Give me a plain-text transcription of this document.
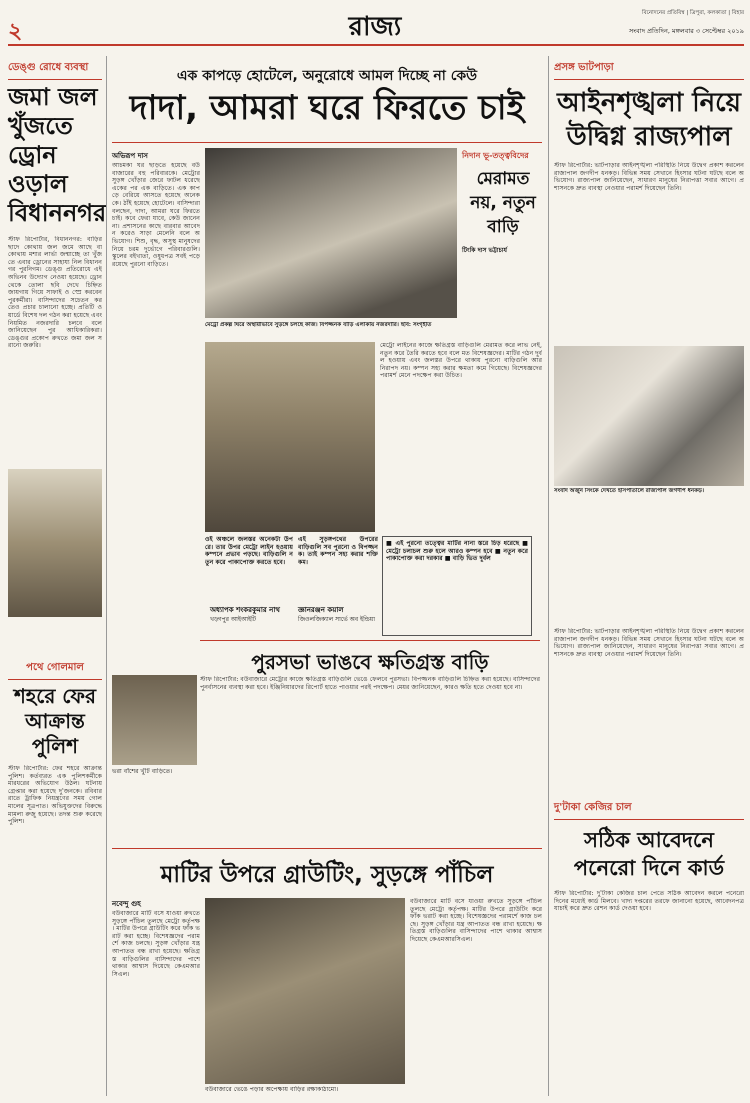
২	রাজ্য	বিনোদনের প্রতিবিম্ব | ত্রিপুরা, কলকাতা | বিহার
সংবাদ প্রতিদিন, মঙ্গলবার ৩ সেপ্টেম্বর ২০১৯
ডেঙ্গু রোধে ব্যবস্থা
জমা জল খুঁজতে ড্রোন ওড়াল বিধাননগর
স্টাফ রিপোর্টার, বিধাননগর: বাড়ির ছাদে কোথায় জল জমে আছে বা কোথায় মশার লার্ভা জন্মাচ্ছে তা খুঁজতে এবার ড্রোনের সাহায্য নিল বিধাননগর পুরনিগম। ডেঙ্গু প্রতিরোধে এই অভিনব উদ্যোগ নেওয়া হয়েছে। ড্রোন থেকে তোলা ছবি দেখে চিহ্নিত জায়গায় গিয়ে সাফাই ও স্প্রে করবেন পুরকর্মীরা। বাসিন্দাদের সচেতন করতেও প্রচার চালানো হচ্ছে। প্রতিটি ওয়ার্ডে বিশেষ দল গঠন করা হয়েছে এবং নিয়মিত নজরদারি চলবে বলে জানিয়েছেন পুর আধিকারিকরা। ডেঙ্গুর প্রকোপ রুখতে জমা জল সরানো জরুরি।
পথে গোলমাল
শহরে ফের আক্রান্ত পুলিশ
স্টাফ রিপোর্টার: ফের শহরে আক্রান্ত পুলিশ। কর্তব্যরত এক পুলিশকর্মীকে মারধরের অভিযোগ উঠল। ঘটনায় গ্রেপ্তার করা হয়েছে দু'জনকে। রবিবার রাতে ট্রাফিক নিয়ন্ত্রণের সময় গোলমালের সূত্রপাত। অভিযুক্তদের বিরুদ্ধে মামলা রুজু হয়েছে। তদন্ত শুরু করেছে পুলিশ।
এক কাপড়ে হোটেলে, অনুরোধে আমল দিচ্ছে না কেউ
দাদা, আমরা ঘরে ফিরতে চাই
অভিরূপ দাস
আচমকা ঘর ছাড়তে হয়েছে বউবাজারের বহু পরিবারকে। মেট্রোর সুড়ঙ্গ খোঁড়ার জেরে ফাটল ধরেছে একের পর এক বাড়িতে। এক কাপড়ে বেরিয়ে আসতে হয়েছে অনেককে। ঠাঁই হয়েছে হোটেলে। বাসিন্দারা বলছেন, দাদা, আমরা ঘরে ফিরতে চাই। কবে ফেরা যাবে, কেউ জানেন না। প্রশাসনের কাছে বারবার আবেদন করেও সাড়া মেলেনি বলে অভিযোগ। শিশু, বৃদ্ধ, অসুস্থ মানুষদের নিয়ে চরম দুর্ভোগে পরিবারগুলি। স্কুলের বইখাতা, ওষুধপত্র সবই পড়ে রয়েছে পুরনো বাড়িতে।
মেট্রো প্রকল্প ঘিরে অস্থায়ীভাবে সুড়ঙ্গে চলছে কাজ। বিপজ্জনক বাড়ি এলাকায় নজরদারি। ছবি: সংগৃহীত
নিদান ভূ-তত্ত্ববিদের
মেরামত নয়, নতুন বাড়ি
টিংকি দাস ভট্টাচার্য
মেট্রো লাইনের কাজে ক্ষতিগ্রস্ত বাড়িগুলি মেরামত করে লাভ নেই, নতুন করে তৈরি করতে হবে বলে মত বিশেষজ্ঞদের। মাটির গঠন দুর্বল হওয়ায় এবং জলস্তর উপরে থাকায় পুরনো বাড়িগুলি আর নিরাপদ নয়। কম্পন সহ্য করার ক্ষমতা কমে গিয়েছে। বিশেষজ্ঞদের পরামর্শ মেনে পদক্ষেপ করা উচিত।
ওই অঞ্চলে জলস্তর অনেকটা উপরে। তার উপর মেট্রো লাইন হওয়ায় কম্পনে প্রভাব পড়ছে। বাড়িগুলি নতুন করে পাকাপোক্ত করতে হবে।
এই সুড়ঙ্গপথের উপরের বাড়িগুলি সব পুরনো ও বিপজ্জনক। তাই কম্পন সহ্য করার শক্তি কম।
■ এই পুরনো তত্ত্বের মাটির নানা স্তরে চিড় ধরেছে ■ মেট্রো চলাচল শুরু হলে আরও কম্পন হবে ■ নতুন করে পাকাপোক্ত করা দরকার ■ বাড়ি ভিত দুর্বল
অধ্যাপক শংকরকুমার নাথ
খড়্গপুর আইআইটি
জ্ঞানরঞ্জন কয়াল
জিওলজিক্যাল সার্ভে অব ইন্ডিয়া
পুরসভা ভাঙবে ক্ষতিগ্রস্ত বাড়ি
ভরা বাঁশের খুঁটি বাড়িতে।
স্টাফ রিপোর্টার: বউবাজারে মেট্রোর কাজে ক্ষতিগ্রস্ত বাড়িগুলি ভেঙে ফেলবে পুরসভা। বিপজ্জনক বাড়িগুলি চিহ্নিত করা হয়েছে। বাসিন্দাদের পুনর্বাসনের ব্যবস্থা করা হবে। ইঞ্জিনিয়ারদের রিপোর্ট হাতে পাওয়ার পরই পদক্ষেপ। মেয়র জানিয়েছেন, কারও ক্ষতি হতে দেওয়া হবে না।
মাটির উপরে গ্রাউটিং, সুড়ঙ্গে পাঁচিল
নবেন্দু গুহ
বউবাজারে মাটি বসে যাওয়া রুখতে সুড়ঙ্গে পাঁচিল তুলছে মেট্রো কর্তৃপক্ষ। মাটির উপরে গ্রাউটিং করে ফাঁক ভরাট করা হচ্ছে। বিশেষজ্ঞদের পরামর্শে কাজ চলছে। সুড়ঙ্গ খোঁড়ার যন্ত্র আপাতত বন্ধ রাখা হয়েছে। ক্ষতিগ্রস্ত বাড়িগুলির বাসিন্দাদের পাশে থাকার আশ্বাস দিয়েছে কেএমআরসিএল।
বউবাজারে ভেঙে পড়ার অপেক্ষায় বাড়ির রক্ষাকাঠামো।
বউবাজারে মাটি বসে যাওয়া রুখতে সুড়ঙ্গে পাঁচিল তুলছে মেট্রো কর্তৃপক্ষ। মাটির উপরে গ্রাউটিং করে ফাঁক ভরাট করা হচ্ছে। বিশেষজ্ঞদের পরামর্শে কাজ চলছে। সুড়ঙ্গ খোঁড়ার যন্ত্র আপাতত বন্ধ রাখা হয়েছে। ক্ষতিগ্রস্ত বাড়িগুলির বাসিন্দাদের পাশে থাকার আশ্বাস দিয়েছে কেএমআরসিএল।
প্রসঙ্গ ভাটপাড়া
আইনশৃঙ্খলা নিয়ে উদ্বিগ্ন রাজ্যপাল
স্টাফ রিপোর্টার: ভাটপাড়ার আইনশৃঙ্খলা পরিস্থিতি নিয়ে উদ্বেগ প্রকাশ করলেন রাজ্যপাল জগদীপ ধনকড়। বিভিন্ন সময় সেখানে হিংসার ঘটনা ঘটছে বলে অভিযোগ। রাজ্যপাল জানিয়েছেন, সাধারণ মানুষের নিরাপত্তা সবার আগে। প্রশাসনকে দ্রুত ব্যবস্থা নেওয়ার পরামর্শ দিয়েছেন তিনি।
সংবাদ অর্জুন সিংকে দেখতে হাসপাতালে রাজ্যপাল জগদীপ ধনকড়।
স্টাফ রিপোর্টার: ভাটপাড়ার আইনশৃঙ্খলা পরিস্থিতি নিয়ে উদ্বেগ প্রকাশ করলেন রাজ্যপাল জগদীপ ধনকড়। বিভিন্ন সময় সেখানে হিংসার ঘটনা ঘটছে বলে অভিযোগ। রাজ্যপাল জানিয়েছেন, সাধারণ মানুষের নিরাপত্তা সবার আগে। প্রশাসনকে দ্রুত ব্যবস্থা নেওয়ার পরামর্শ দিয়েছেন তিনি।
দু'টাকা কেজির চাল
সঠিক আবেদনে পনেরো দিনে কার্ড
স্টাফ রিপোর্টার: দু'টাকা কেজির চাল পেতে সঠিক আবেদন করলে পনেরো দিনের মধ্যেই কার্ড মিলবে। খাদ্য দপ্তরের তরফে জানানো হয়েছে, আবেদনপত্র যাচাই করে দ্রুত রেশন কার্ড দেওয়া হবে।
